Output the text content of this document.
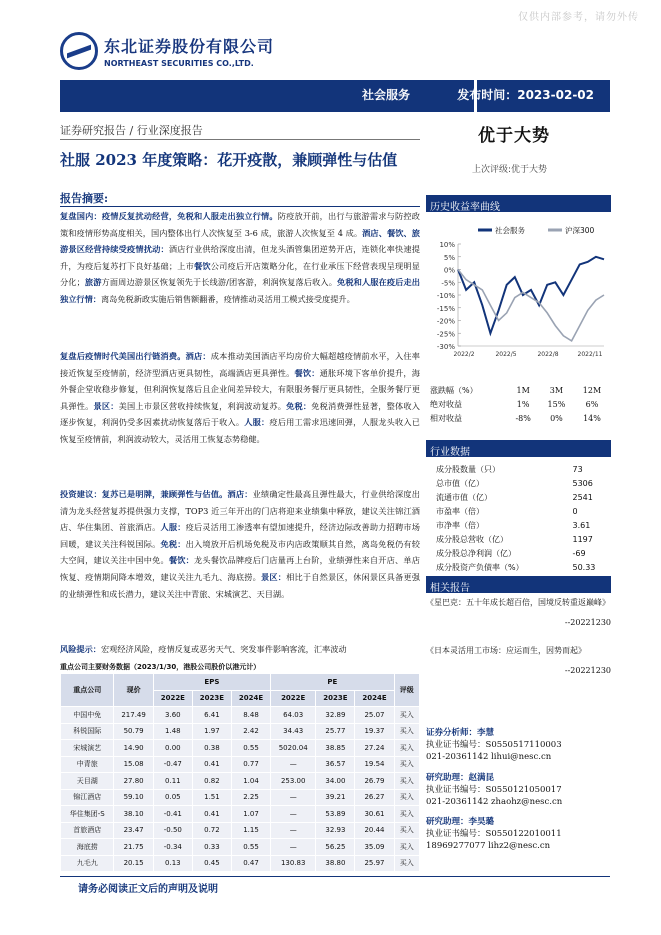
仅供内部参考，请勿外传
东北证券股份有限公司
NORTHEAST SECURITIES CO.,LTD.
社会服务	发布时间：2023-02-02
证券研究报告 / 行业深度报告
社服 2023 年度策略：花开疫散，兼顾弹性与估值
优于大势
上次评级:优于大势
报告摘要:
复盘国内：疫情反复扰动经营，免税和人服走出独立行情。防疫放开前，出行与旅游需求与防控政策和疫情形势高度相关，国内整体出行人次恢复至 3-6 成，旅游人次恢复至 4 成。酒店、餐饮、旅游景区经营持续受疫情扰动：酒店行业供给深度出清，但龙头酒管集团逆势开店，连锁化率快速提升，为疫后复苏打下良好基础；上市餐饮公司疫后开店策略分化，在行业承压下经营表现呈现明显分化；旅游方面周边游景区恢复领先于长线游/团客游，利润恢复落后收入。免税和人服在疫后走出独立行情：离岛免税新政实施后销售额翻番，疫情推动灵活用工模式接受度提升。
复盘后疫情时代美国出行链消费。酒店：成本推动美国酒店平均房价大幅超越疫情前水平，入住率接近恢复至疫情前，经济型酒店更具韧性，高端酒店更具弹性。餐饮：通胀环境下客单价提升，海外餐企堂收稳步修复，但利润恢复落后且企业间差异较大，有限服务餐厅更具韧性，全服务餐厅更具弹性。景区：美国上市景区营收持续恢复，利润波动复苏。免税：免税消费弹性显著，整体收入逐步恢复，利润仍受多因素扰动恢复落后于收入。人服：疫后用工需求迅速回弹，人服龙头收入已恢复至疫情前，利润波动较大，灵活用工恢复态势稳健。
投资建议：复苏已是明牌，兼顾弹性与估值。酒店：业绩确定性最高且弹性最大，行业供给深度出清为龙头经营复苏提供强力支撑，TOP3 近三年开出的门店将迎来业绩集中释放，建议关注锦江酒店、华住集团、首旅酒店。人服：疫后灵活用工渗透率有望加速提升，经济边际改善助力招聘市场回暖，建议关注科锐国际。免税：出入境放开后机场免税及市内店政策顺其自然，离岛免税仍有较大空间，建议关注中国中免。餐饮：龙头餐饮品牌疫后门店量再上台阶，业绩弹性来自开店、单店恢复、疫情期间降本增效，建议关注九毛九、海底捞。景区：相比于自然景区，休闲景区具备更强的业绩弹性和成长潜力，建议关注中青旅、宋城演艺、天目湖。
风险提示：宏观经济风险，疫情反复或恶劣天气、突发事件影响客流，汇率波动
重点公司主要财务数据（2023/1/30，港股公司股价以港元计）
重点公司	现价	EPS			PE			评级
		2022E	2023E	2024E	2022E	2023E	2024E	
中国中免	217.49	3.60	6.41	8.48	64.03	32.89	25.07	买入
科锐国际	50.79	1.48	1.97	2.42	34.43	25.77	19.37	买入
宋城演艺	14.90	0.00	0.38	0.55	5020.04	38.85	27.24	买入
中青旅	15.08	-0.47	0.41	0.77	—	36.57	19.54	买入
天目湖	27.80	0.11	0.82	1.04	253.00	34.00	26.79	买入
锦江酒店	59.10	0.05	1.51	2.25	—	39.21	26.27	买入
华住集团-S	38.10	-0.41	0.41	1.07	—	53.89	30.61	买入
首旅酒店	23.47	-0.50	0.72	1.15	—	32.93	20.44	买入
海底捞	21.75	-0.34	0.33	0.55	—	56.25	35.09	买入
九毛九	20.15	0.13	0.45	0.47	130.83	38.80	25.97	买入
历史收益率曲线
10%
5%
0%
-5%
-10%
-15%
-20%
-25%
-30%
2022/2	2022/5	2022/8	2022/11
社会服务	沪深300
涨跌幅（%）	1M	3M	12M
绝对收益	1%	15%	6%
相对收益	-8%	0%	14%
行业数据
成分股数量（只）	73
总市值（亿）	5306
流通市值（亿）	2541
市盈率（倍）	0
市净率（倍）	3.61
成分股总营收（亿）	1197
成分股总净利润（亿）	-69
成分股资产负债率（%）	50.33
相关报告
《星巴克：五十年成长超百倍，国境反转重返巅峰》
--20221230
《日本灵活用工市场：应运而生，因势而起》
--20221230
证券分析师：李慧
执业证书编号：S0550517110003
021-20361142 lihui@nesc.cn
研究助理：赵满昆
执业证书编号：S0550121050017
021-20361142 zhaohz@nesc.cn
研究助理：李昊璐
执业证书编号：S0550122010011
18969277077 lihz2@nesc.cn
请务必阅读正文后的声明及说明
